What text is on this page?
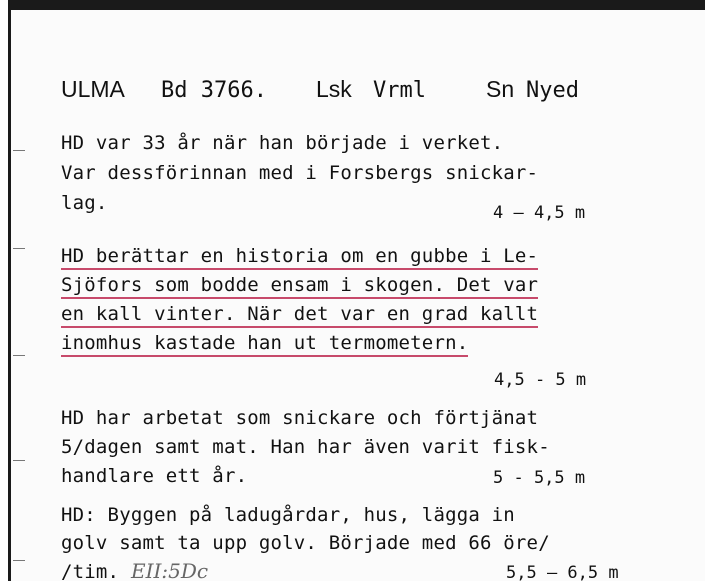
ULMA Bd 3766. Lsk Vrml	Sn Nyed
HD var 33 år när han började i verket.
Var dessförinnan med i Forsbergs snickar-
lag.	4 – 4,5 m
HD berättar en historia om en gubbe i Le-
Sjöfors som bodde ensam i skogen. Det var
en kall vinter. När det var en grad kallt
inomhus kastade han ut termometern.
4,5 - 5 m
HD har arbetat som snickare och förtjänat
5/dagen samt mat. Han har även varit fisk-
handlare ett år.	5 - 5,5 m
HD: Byggen på ladugårdar, hus, lägga in
golv samt ta upp golv. Började med 66 öre/
/tim. EII:5Dc	5,5 – 6,5 m
